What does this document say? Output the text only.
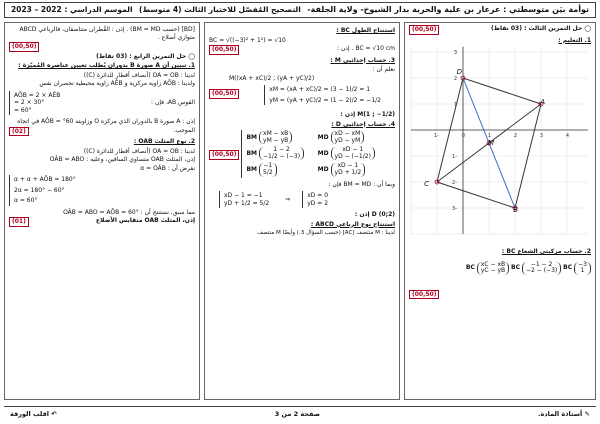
توأمة بيَن متوسطتي : عرعار بن علية والحرية بدار الشيوخ- ولاية الجلفة-
التصحيح المُفصّل للاختبار الثالث (4 متوسط)
الموسم الدراسي : 2022 – 2023
◯ حل التمرين الثالث : (03 نقاط)
(00,50)
1. التعليم :
-1	0	1	2	3	4
3
2
1
-1
-2
-3
A
B
C
D
M
2. حساب مركبتي الشعاع BC :
BC
xC − xB
yC − yB
BC
−1 − 2
−2 − (−3)
BC
−3
1
(00,50)
استنتاج الطول BC :
BC = √((−3)² + 1²) = √10
BC = √10 cm . إذن :
(00,50)
3. حساب إحداثيي M :
نعلم أن :
M((xA + xC)/2 ; (yA + yC)/2)
xM = (xA + xC)/2 = (3 − 1)/2 = 1
yM = (yA + yC)/2 = (1 − 2)/2 = −1/2
(00,50)
M(1 ; −1/2) إذن :
4. حساب إحداثيي D :
BM
xM − xB
yM − yB

BM
1 − 2
−1/2 − (−3)

BM
−1
5/2
MD
xD − xM
yD − yM

MD
xD − 1
yD − (−1/2)

MD
xD − 1
yD + 1/2
(00,50)
وبما أن : BM = MD فإن :
xD − 1 = −1
yD + 1/2 = 5/2
⇒
xD = 0
yD = 2
D (0;2) إذن :
استنتاج نوع الرباعي ABCD :
لدينا : M منتصف [AC] (حسب السؤال 3.) وأيضًا M منتصف
[BD] (حسب BM = MD) . إذن : القُطران متناصفان، فالرباعي ABCD متوازي أضلاع .
(00,50)
◯ حل التمرين الرابع : (03 نقاط)
1. تبيين أن A صورة B بدوران يُطلب تعيين عناصره المُميّزة :
لدينا : OA = OB (أنصاف أقطار للدائرة (C))
ولدينا : AÔB زاوية مركزية و AÊB زاوية محيطية تحصران نفس
القوس AB، فإن :
AÔB = 2 × AÊB
= 2 × 30°
= 60°
إذن : A صورة B بالدوران الذي مركزه O وزاويته 60° = AÔB في اتجاه
الموجب.
(02)
2. نوع المثلث OAB :
لدينا : OA = OB (أنصاف أقطار للدائرة (C))
إذن، المثلث OAB متساوي الساقين، وعليه : OÂB = ABO
نفرض أن : α = OÂB
α + α + AÔB = 180°
2α = 180° − 60°
α = 60°
مما سبق، نستنتج أن : OÂB = ABO = AÔB = 60°
إذن، المثلث OAB متقايس الأضلاع
(01)
✎ أستاذة المادة.
صفحة 2 من 3
↶ اقلب الورقة
